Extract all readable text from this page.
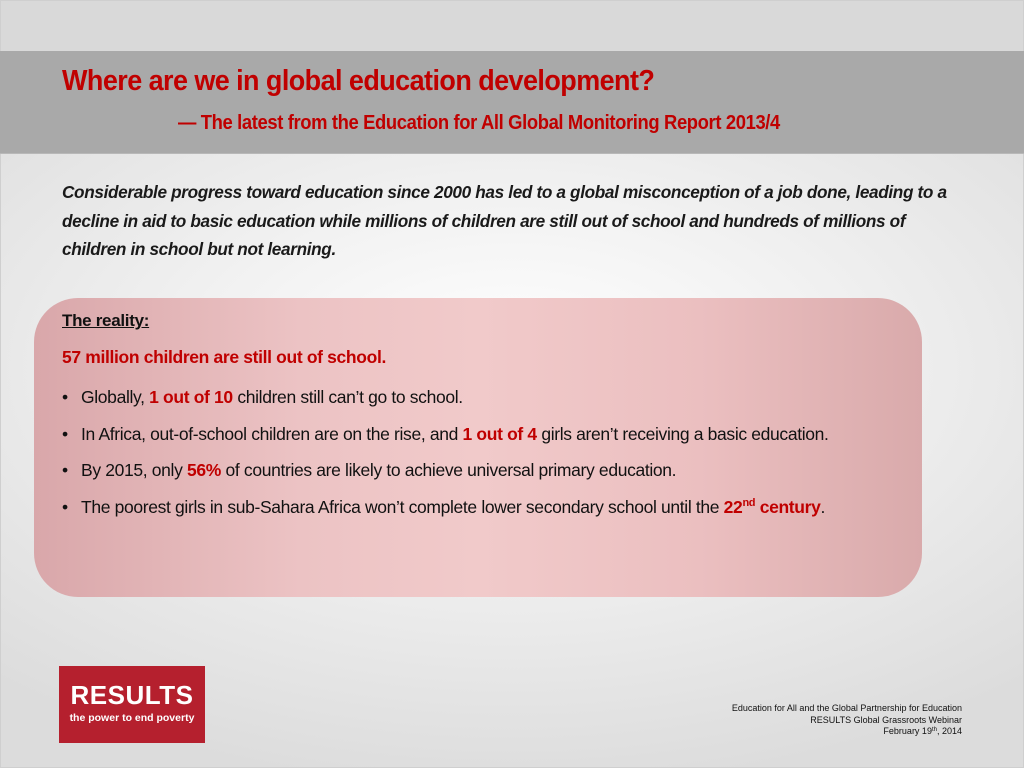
Where are we in global education development?
— The latest from the Education for All Global Monitoring Report 2013/4
Considerable progress toward education since 2000 has led to a global misconception of a job done, leading to a decline in aid to basic education while millions of children are still out of school and hundreds of millions of children in school but not learning.
The reality:
57 million children are still out of school.
• Globally, 1 out of 10 children still can’t go to school.
• In Africa, out-of-school children are on the rise, and 1 out of 4 girls aren’t receiving a basic education.
• By 2015, only 56% of countries are likely to achieve universal primary education.
• The poorest girls in sub-Sahara Africa won’t complete lower secondary school until the 22nd century.
RESULTS
the power to end poverty
Education for All and the Global Partnership for Education
RESULTS Global Grassroots Webinar
February 19th, 2014
